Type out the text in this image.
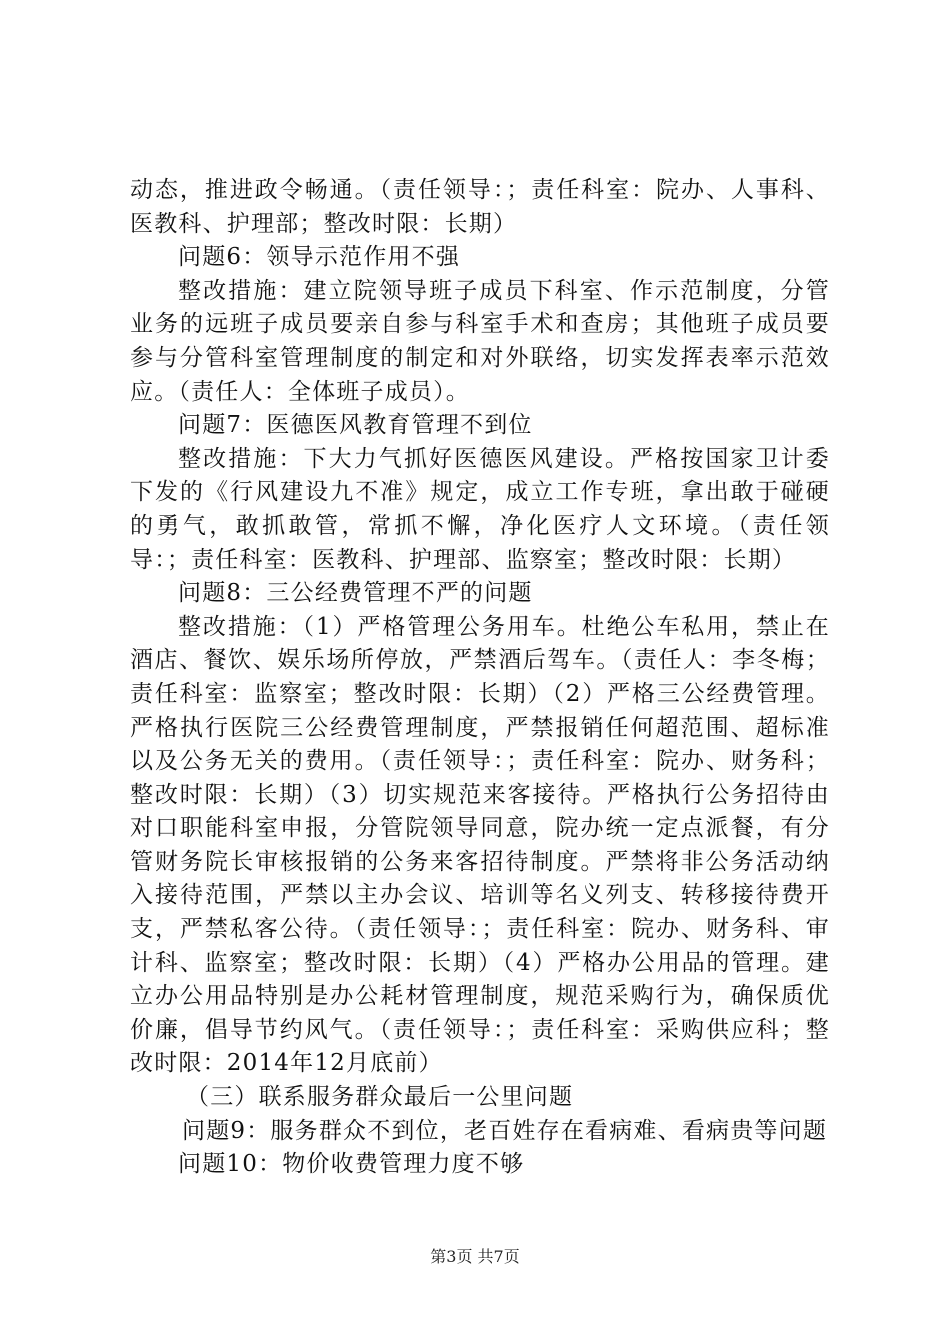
动态，推进政令畅通。（责任领导：；责任科室：院办、人事科、医教科、护理部；整改时限：长期）

问题6：领导示范作用不强

整改措施：建立院领导班子成员下科室、作示范制度，分管业务的远班子成员要亲自参与科室手术和查房；其他班子成员要参与分管科室管理制度的制定和对外联络，切实发挥表率示范效应。（责任人：全体班子成员）。

问题7：医德医风教育管理不到位

整改措施：下大力气抓好医德医风建设。严格按国家卫计委下发的《行风建设九不准》规定，成立工作专班，拿出敢于碰硬的勇气，敢抓敢管，常抓不懈，净化医疗人文环境。（责任领导：；责任科室：医教科、护理部、监察室；整改时限：长期）

问题8：三公经费管理不严的问题

整改措施：（1）严格管理公务用车。杜绝公车私用，禁止在酒店、餐饮、娱乐场所停放，严禁酒后驾车。（责任人：李冬梅；责任科室：监察室；整改时限：长期）（2）严格三公经费管理。严格执行医院三公经费管理制度，严禁报销任何超范围、超标准以及公务无关的费用。（责任领导：；责任科室：院办、财务科；整改时限：长期）（3）切实规范来客接待。严格执行公务招待由对口职能科室申报，分管院领导同意，院办统一定点派餐，有分管财务院长审核报销的公务来客招待制度。严禁将非公务活动纳入接待范围，严禁以主办会议、培训等名义列支、转移接待费开支，严禁私客公待。（责任领导：；责任科室：院办、财务科、审计科、监察室；整改时限：长期）（4）严格办公用品的管理。建立办公用品特别是办公耗材管理制度，规范采购行为，确保质优价廉，倡导节约风气。（责任领导：；责任科室：采购供应科；整改时限：2014年12月底前）

（三）联系服务群众最后一公里问题

问题9：服务群众不到位，老百姓存在看病难、看病贵等问题

问题10：物价收费管理力度不够

第3页 共7页
